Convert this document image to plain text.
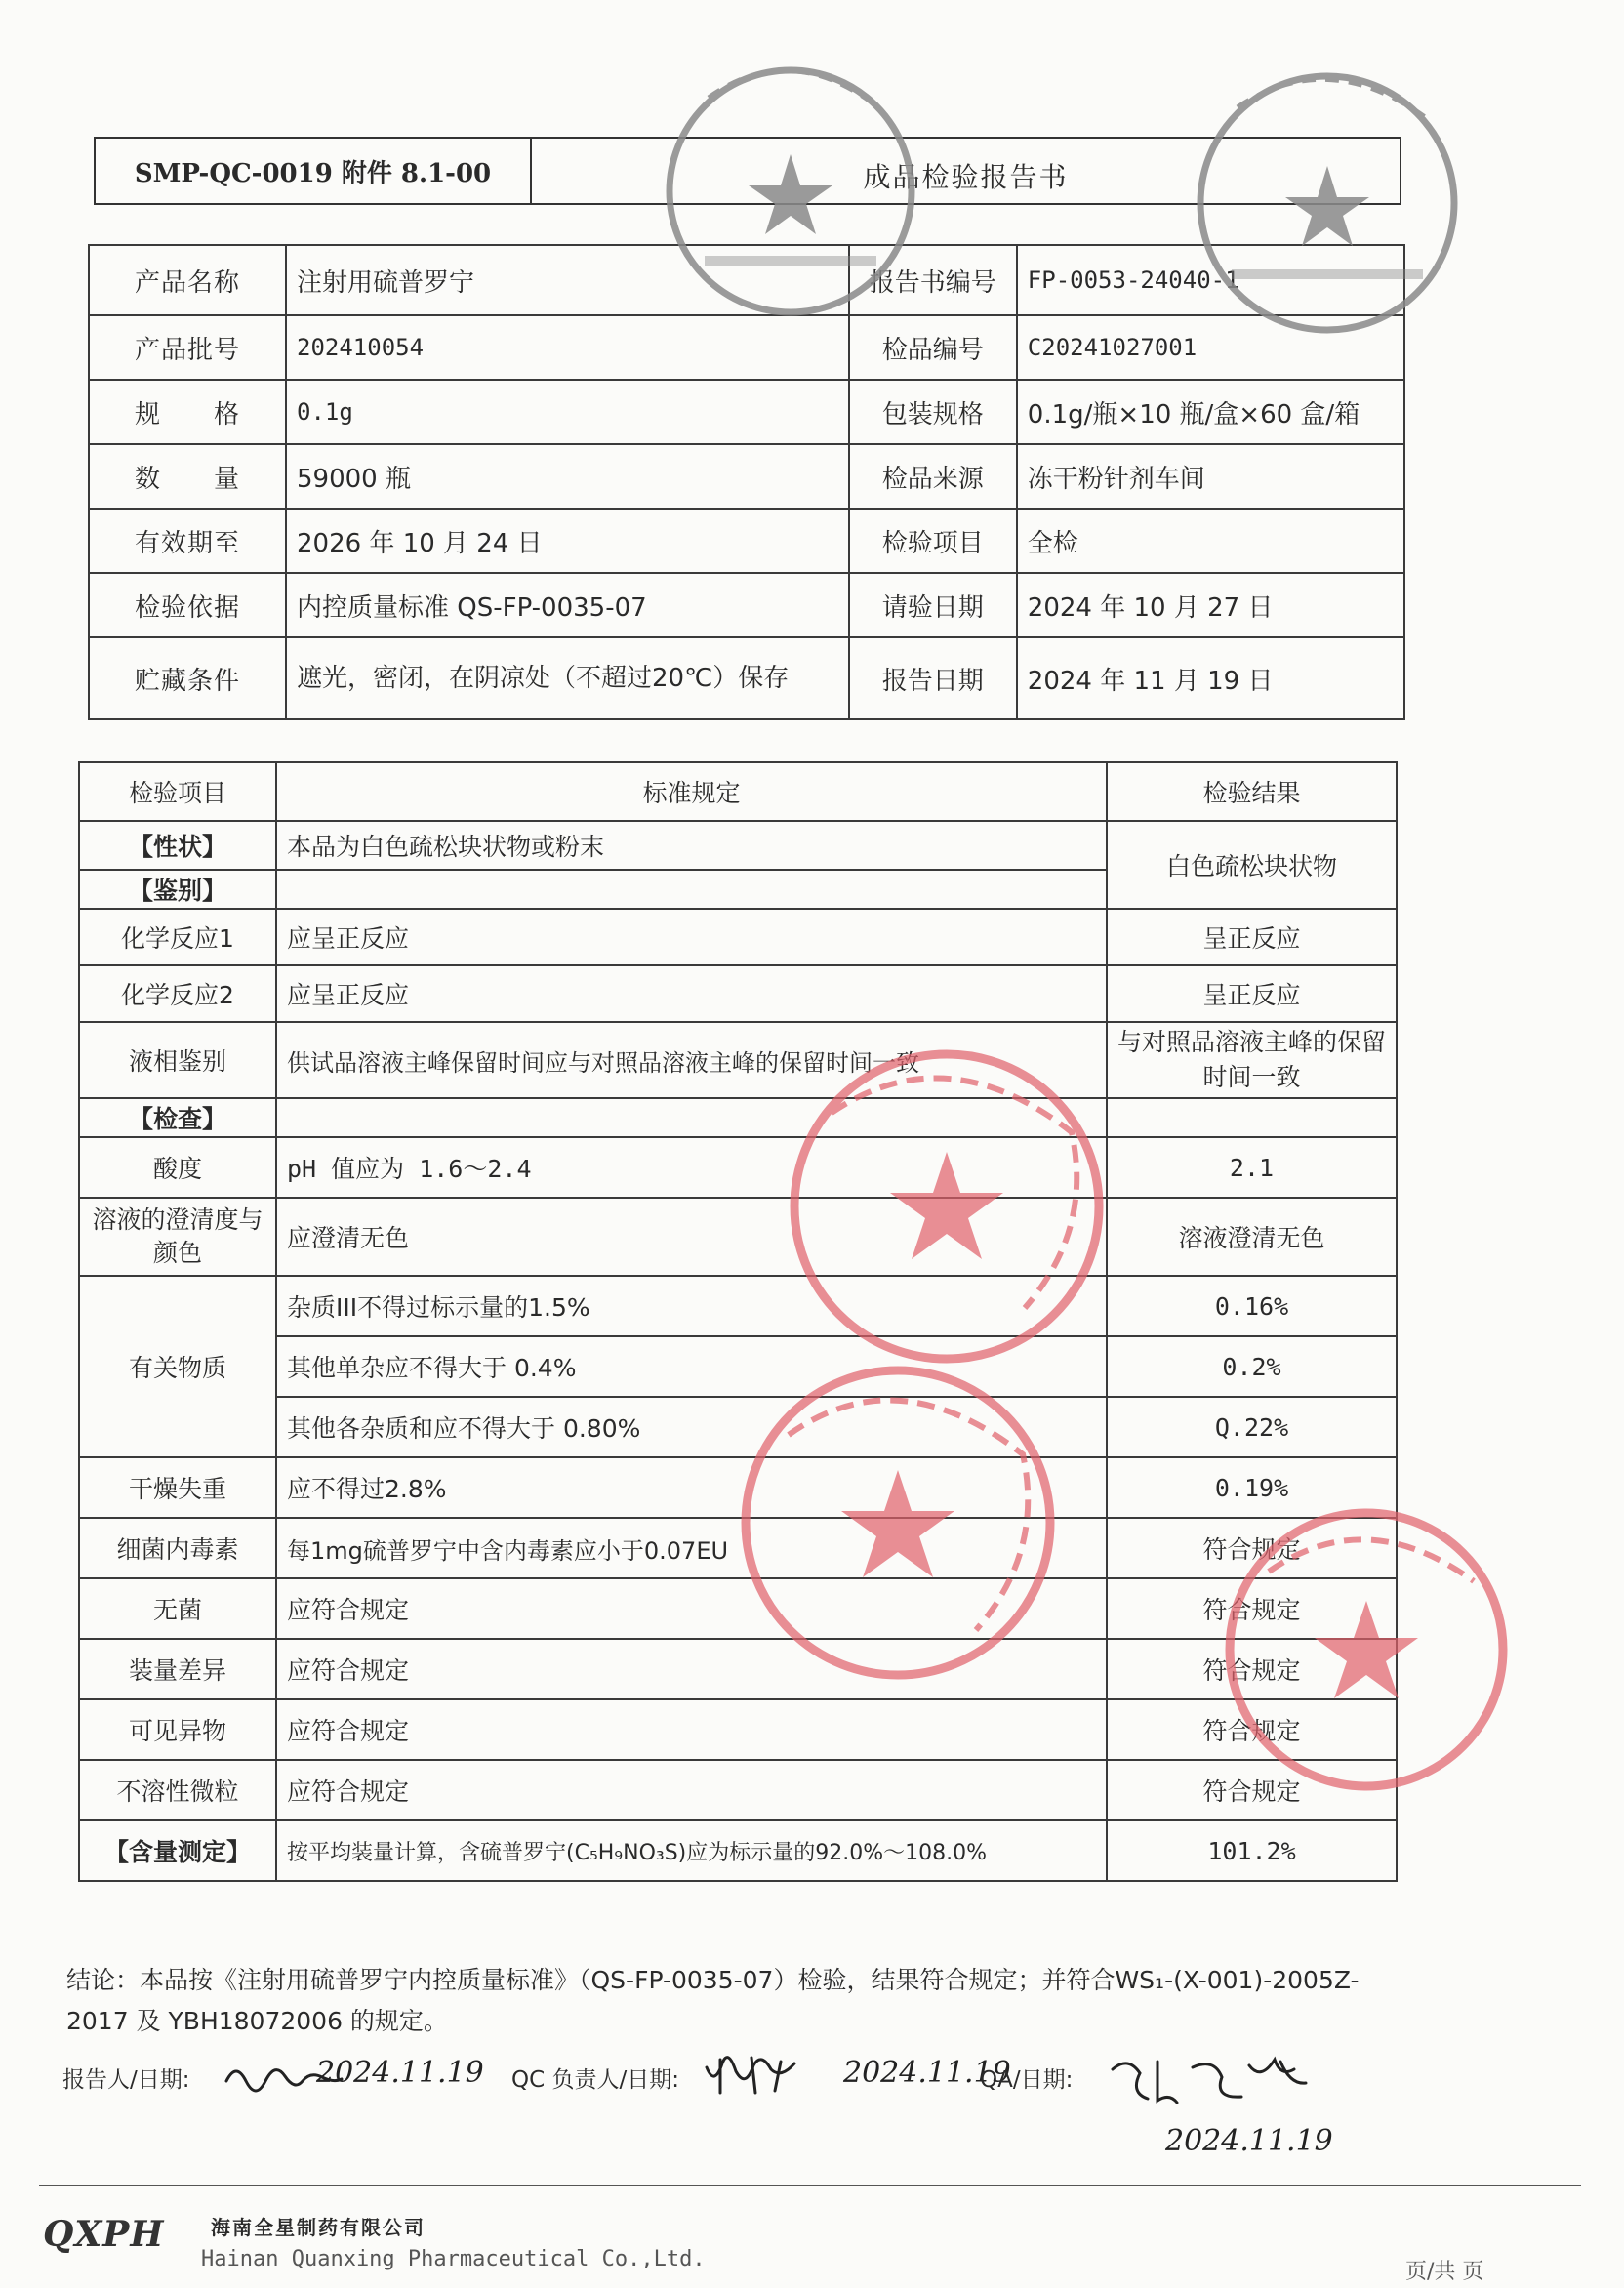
SMP-QC-0019 附件 8.1-00	成品检验报告书
产品名称	注射用硫普罗宁	报告书编号	FP-0053-24040-1
产品批号	202410054	检品编号	C20241027001
规　　格	0.1g	包装规格	0.1g/瓶×10 瓶/盒×60 盒/箱
数　　量	59000 瓶	检品来源	冻干粉针剂车间
有效期至	2026 年 10 月 24 日	检验项目	全检
检验依据	内控质量标准 QS-FP-0035-07	请验日期	2024 年 10 月 27 日
贮藏条件	遮光，密闭，在阴凉处（不超过20℃）保存	报告日期	2024 年 11 月 19 日
检验项目	标准规定	检验结果
【性状】	本品为白色疏松块状物或粉末	白色疏松块状物
【鉴别】		
化学反应1	应呈正反应	呈正反应
化学反应2	应呈正反应	呈正反应
液相鉴别	供试品溶液主峰保留时间应与对照品溶液主峰的保留时间一致	与对照品溶液主峰的保留时间一致
【检查】		
酸度	pH 值应为 1.6～2.4	2.1
溶液的澄清度与颜色	应澄清无色	溶液澄清无色
有关物质	杂质III不得过标示量的1.5%	0.16%
	其他单杂应不得大于 0.4%	0.2%
	其他各杂质和应不得大于 0.80%	Q.22%
干燥失重	应不得过2.8%	0.19%
细菌内毒素	每1mg硫普罗宁中含内毒素应小于0.07EU	符合规定
无菌	应符合规定	符合规定
装量差异	应符合规定	符合规定
可见异物	应符合规定	符合规定
不溶性微粒	应符合规定	符合规定
【含量测定】	按平均装量计算，含硫普罗宁(C₅H₉NO₃S)应为标示量的92.0%～108.0%	101.2%
结论：本品按《注射用硫普罗宁内控质量标准》（QS-FP-0035-07）检验，结果符合规定；并符合WS₁-(X-001)-2005Z-2017 及 YBH18072006 的规定。
报告人/日期:	2024.11.19 QC 负责人/日期:	2024.11.19
QA/日期:
2024.11.19
QXPH 海南全星制药有限公司
Hainan Quanxing Pharmaceutical Co.,Ltd.
页/共 页
